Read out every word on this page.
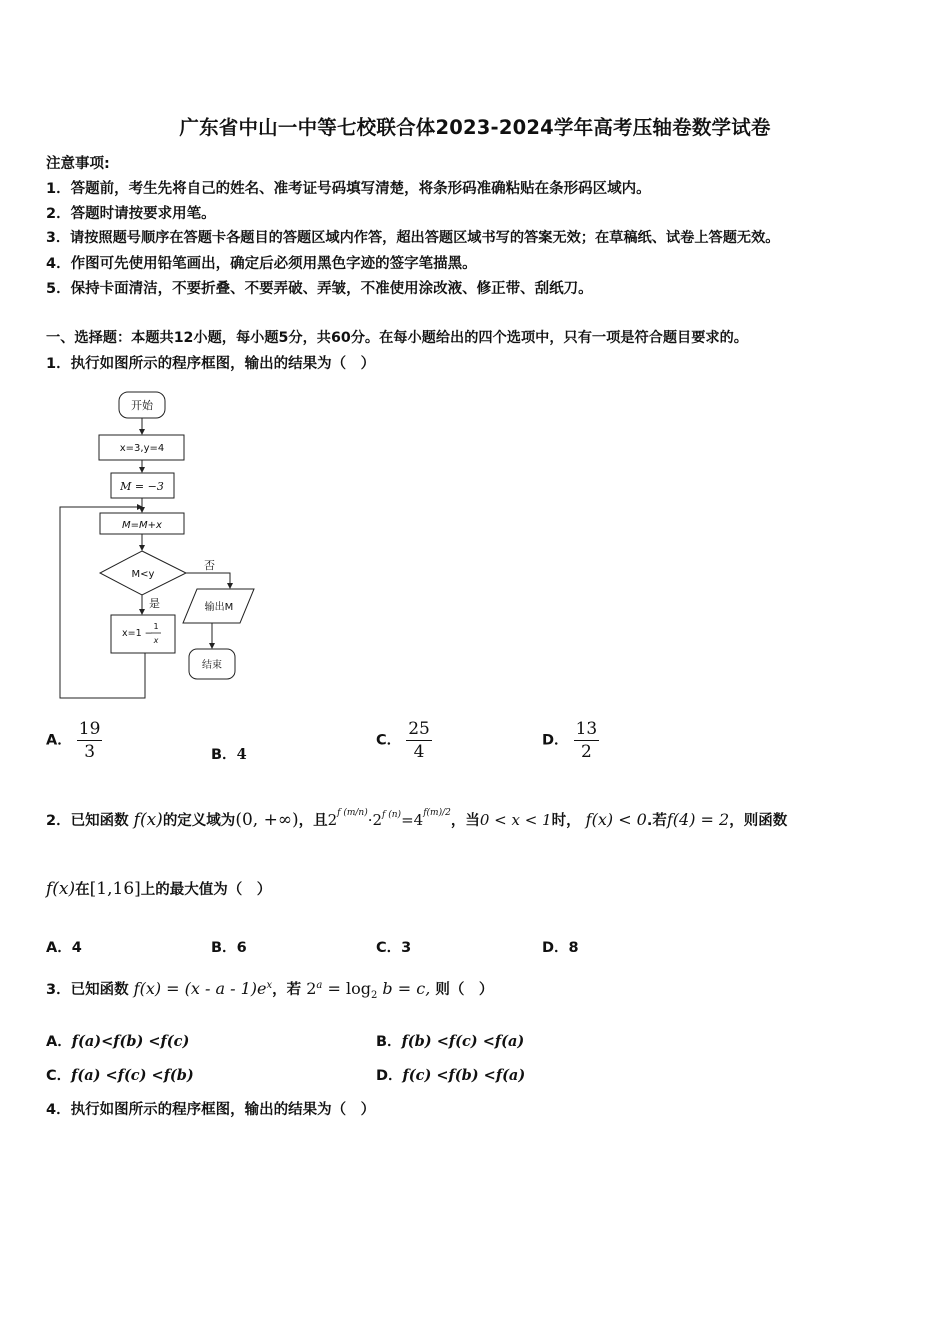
广东省中山一中等七校联合体2023-2024学年高考压轴卷数学试卷
注意事项:
1．答题前，考生先将自己的姓名、准考证号码填写清楚，将条形码准确粘贴在条形码区域内。
2．答题时请按要求用笔。
3．请按照题号顺序在答题卡各题目的答题区域内作答，超出答题区域书写的答案无效；在草稿纸、试卷上答题无效。
4．作图可先使用铅笔画出，确定后必须用黑色字迹的签字笔描黑。
5．保持卡面清洁，不要折叠、不要弄破、弄皱，不准使用涂改液、修正带、刮纸刀。
一、选择题：本题共12小题，每小题5分，共60分。在每小题给出的四个选项中，只有一项是符合题目要求的。
1．执行如图所示的程序框图，输出的结果为（　）
开始
x=3,y=4
M = −3
M=M+x
M<y
否
是	输出M
x=1 −
1
x
结束
A． $\frac{19}{3}$	B．4
C． $\frac{25}{4}$	D． $\frac{13}{2}$
2．已知函数 f(x)的定义域为(0, +∞)，且$2^{f (m/n)}\cdot 2^{f (n)}=4^{f(m)/2}$，当0 < x < 1时， f(x) < 0.若f(4) = 2，则函数
f(x)在[1,16]上的最大值为（　）
A．4	B．6	C．3	D．8
3．已知函数 $f(x) = (x - a - 1)e^x$，若 $2^a = \log_2 b = c$, 则（　）
A．f(a)<f(b) <f(c)	B．f(b) <f(c) <f(a)
C．f(a) <f(c) <f(b)	D．f(c) <f(b) <f(a)
4．执行如图所示的程序框图，输出的结果为（　）
